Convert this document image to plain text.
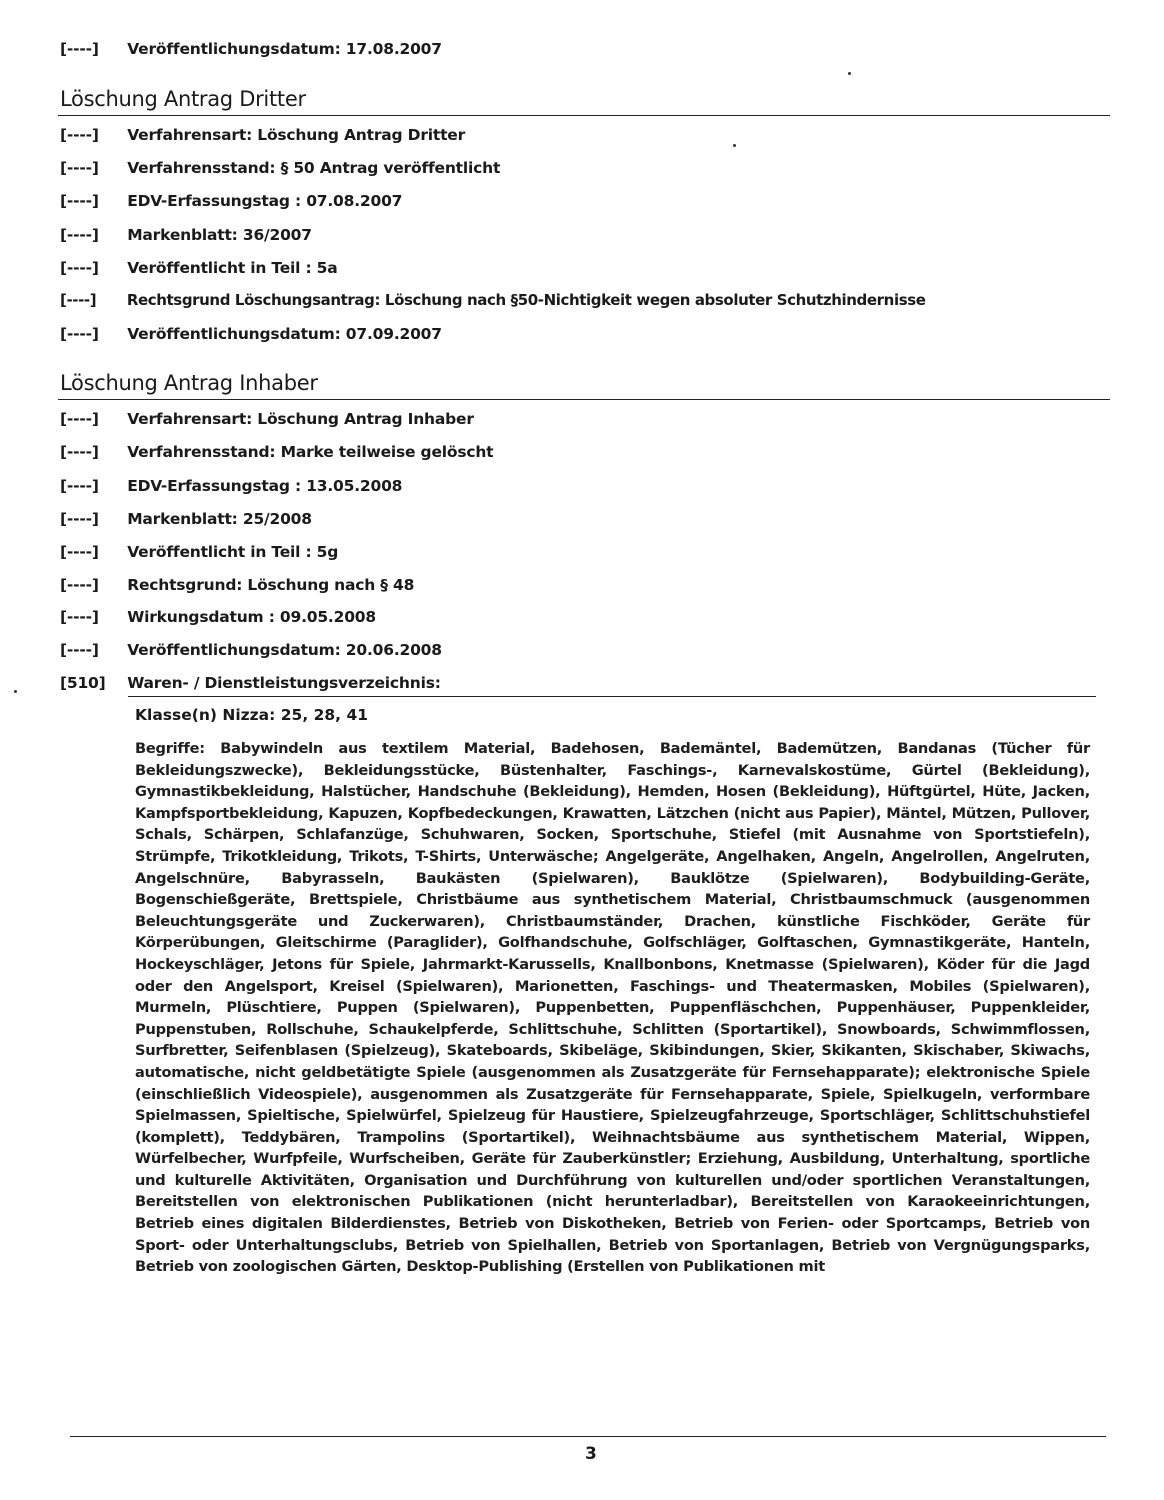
[----] Veröffentlichungsdatum: 17.08.2007
Löschung Antrag Dritter
[----] Verfahrensart: Löschung Antrag Dritter
[----] Verfahrensstand: § 50 Antrag veröffentlicht
[----] EDV-Erfassungstag : 07.08.2007
[----] Markenblatt: 36/2007
[----] Veröffentlicht in Teil : 5a
[----] Rechtsgrund Löschungsantrag: Löschung nach §50-Nichtigkeit wegen absoluter Schutzhindernisse
[----] Veröffentlichungsdatum: 07.09.2007
Löschung Antrag Inhaber
[----] Verfahrensart: Löschung Antrag Inhaber
[----] Verfahrensstand: Marke teilweise gelöscht
[----] EDV-Erfassungstag : 13.05.2008
[----] Markenblatt: 25/2008
[----] Veröffentlicht in Teil : 5g
[----] Rechtsgrund: Löschung nach § 48
[----] Wirkungsdatum : 09.05.2008
[----] Veröffentlichungsdatum: 20.06.2008
[510] Waren- / Dienstleistungsverzeichnis:
Klasse(n) Nizza: 25, 28, 41
Begriffe: Babywindeln aus textilem Material, Badehosen, Bademäntel, Bademützen, Bandanas (Tücher für Bekleidungszwecke), Bekleidungsstücke, Büstenhalter, Faschings-, Karnevalskostüme, Gürtel (Bekleidung), Gymnastikbekleidung, Halstücher, Handschuhe (Bekleidung), Hemden, Hosen (Bekleidung), Hüftgürtel, Hüte, Jacken, Kampfsportbekleidung, Kapuzen, Kopfbedeckungen, Krawatten, Lätzchen (nicht aus Papier), Mäntel, Mützen, Pullover, Schals, Schärpen, Schlafanzüge, Schuhwaren, Socken, Sportschuhe, Stiefel (mit Ausnahme von Sportstiefeln), Strümpfe, Trikotkleidung, Trikots, T-Shirts, Unterwäsche; Angelgeräte, Angelhaken, Angeln, Angelrollen, Angelruten, Angelschnüre, Babyrasseln, Baukästen (Spielwaren), Bauklötze (Spielwaren), Bodybuilding-Geräte, Bogenschießgeräte, Brettspiele, Christbäume aus synthetischem Material, Christbaumschmuck (ausgenommen Beleuchtungsgeräte und Zuckerwaren), Christbaumständer, Drachen, künstliche Fischköder, Geräte für Körperübungen, Gleitschirme (Paraglider), Golfhandschuhe, Golfschläger, Golftaschen, Gymnastikgeräte, Hanteln, Hockeyschläger, Jetons für Spiele, Jahrmarkt-Karussells, Knallbonbons, Knetmasse (Spielwaren), Köder für die Jagd oder den Angelsport, Kreisel (Spielwaren), Marionetten, Faschings- und Theatermasken, Mobiles (Spielwaren), Murmeln, Plüschtiere, Puppen (Spielwaren), Puppenbetten, Puppenfläschchen, Puppenhäuser, Puppenkleider, Puppenstuben, Rollschuhe, Schaukelpferde, Schlittschuhe, Schlitten (Sportartikel), Snowboards, Schwimmflossen, Surfbretter, Seifenblasen (Spielzeug), Skateboards, Skibeläge, Skibindungen, Skier, Skikanten, Skischaber, Skiwachs, automatische, nicht geldbetätigte Spiele (ausgenommen als Zusatzgeräte für Fernsehapparate); elektronische Spiele (einschließlich Videospiele), ausgenommen als Zusatzgeräte für Fernsehapparate, Spiele, Spielkugeln, verformbare Spielmassen, Spieltische, Spielwürfel, Spielzeug für Haustiere, Spielzeugfahrzeuge, Sportschläger, Schlittschuhstiefel (komplett), Teddybären, Trampolins (Sportartikel), Weihnachtsbäume aus synthetischem Material, Wippen, Würfelbecher, Wurfpfeile, Wurfscheiben, Geräte für Zauberkünstler; Erziehung, Ausbildung, Unterhaltung, sportliche und kulturelle Aktivitäten, Organisation und Durchführung von kulturellen und/oder sportlichen Veranstaltungen, Bereitstellen von elektronischen Publikationen (nicht herunterladbar), Bereitstellen von Karaokeeinrichtungen, Betrieb eines digitalen Bilderdienstes, Betrieb von Diskotheken, Betrieb von Ferien- oder Sportcamps, Betrieb von Sport- oder Unterhaltungsclubs, Betrieb von Spielhallen, Betrieb von Sportanlagen, Betrieb von Vergnügungsparks, Betrieb von zoologischen Gärten, Desktop-Publishing (Erstellen von Publikationen mit
3
